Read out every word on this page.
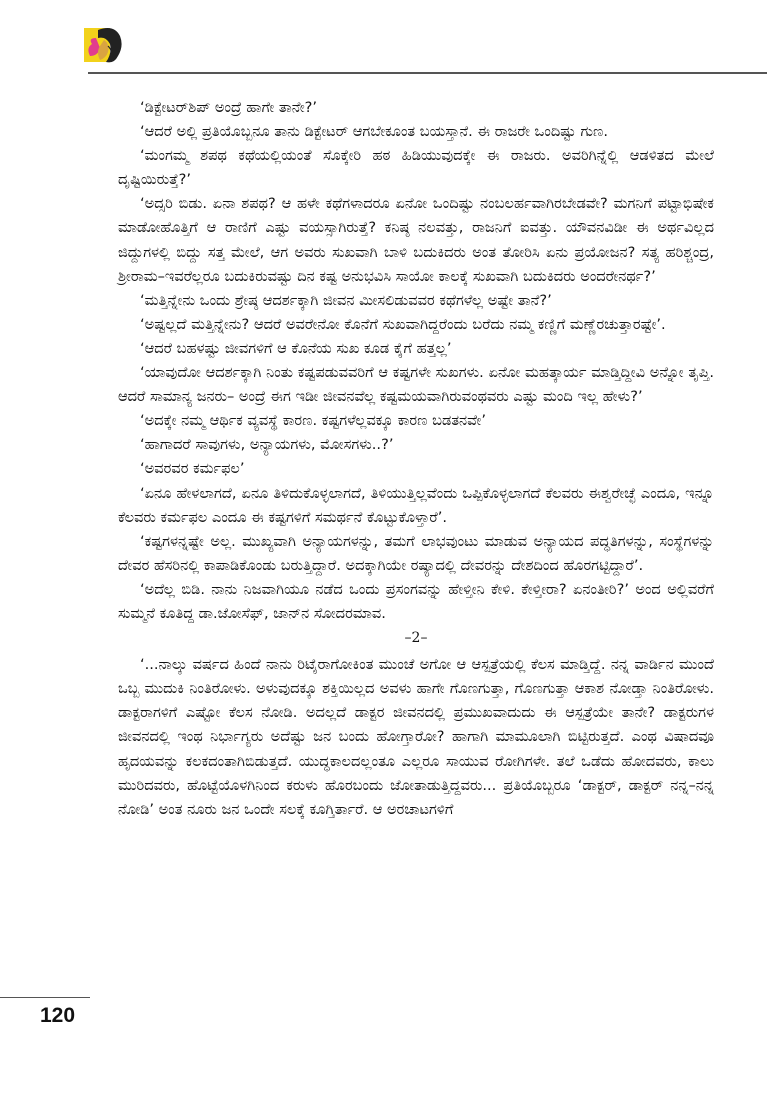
‘ಡಿಕ್ಟೇಟರ್‌ಶಿಪ್ ಅಂದ್ರೆ ಹಾಗೇ ತಾನೇ?’

‘ಆದರೆ ಅಲ್ಲಿ ಪ್ರತಿಯೊಬ್ಬನೂ ತಾನು ಡಿಕ್ಟೇಟರ್ ಆಗಬೇಕೂಂತ ಬಯಸ್ತಾನೆ. ಈ ರಾಜರೇ ಒಂದಿಷ್ಟು ಗುಣ.

‘ಮಂಗಮ್ಮ ಶಪಥ ಕಥೆಯಲ್ಲಿಯಂತೆ ಸೊಕ್ಕೇರಿ ಹಠ ಹಿಡಿಯುವುದಕ್ಕೇ ಈ ರಾಜರು. ಅವರಿಗಿನ್ನೆಲ್ಲಿ ಆಡಳಿತದ ಮೇಲೆ ದೃಷ್ಟಿಯಿರುತ್ತೆ?’

‘ಅದ್ಸರಿ ಬಿಡು. ಏನಾ ಶಪಥ? ಆ ಹಳೇ ಕಥೆಗಳಾದರೂ ಏನೋ ಒಂದಿಷ್ಟು ನಂಬಲರ್ಹವಾಗಿರಬೇಡವೇ? ಮಗನಿಗೆ ಪಟ್ಟಾಭಿಷೇಕ ಮಾಡೋಹೊತ್ತಿಗೆ ಆ ರಾಣಿಗೆ ಎಷ್ಟು ವಯಸ್ಸಾಗಿರುತ್ತೆ? ಕನಿಷ್ಠ ನಲವತ್ತು, ರಾಜನಿಗೆ ಐವತ್ತು. ಯೌವನವಿಡೀ ಈ ಅರ್ಥವಿಲ್ಲದ ಜಿದ್ದುಗಳಲ್ಲಿ ಬಿದ್ದು ಸತ್ತ ಮೇಲೆ, ಆಗ ಅವರು ಸುಖವಾಗಿ ಬಾಳಿ ಬದುಕಿದರು ಅಂತ ತೋರಿಸಿ ಏನು ಪ್ರಯೋಜನ? ಸತ್ಯ ಹರಿಶ್ಚಂದ್ರ, ಶ್ರೀರಾಮ–ಇವರೆಲ್ಲರೂ ಬದುಕಿರುವಷ್ಟು ದಿನ ಕಷ್ಟ ಅನುಭವಿಸಿ ಸಾಯೋ ಕಾಲಕ್ಕೆ ಸುಖವಾಗಿ ಬದುಕಿದರು ಅಂದರೇನರ್ಥ?’

‘ಮತ್ತಿನ್ನೇನು ಒಂದು ಶ್ರೇಷ್ಠ ಆದರ್ಶಕ್ಕಾಗಿ ಜೀವನ ಮೀಸಲಿಡುವವರ ಕಥೆಗಳೆಲ್ಲ ಅಷ್ಟೇ ತಾನೆ?’

‘ಅಷ್ಟಲ್ಲದೆ ಮತ್ತಿನ್ನೇನು? ಆದರೆ ಅವರೇನೋ ಕೊನೆಗೆ ಸುಖವಾಗಿದ್ದರೆಂದು ಬರೆದು ನಮ್ಮ ಕಣ್ಣಿಗೆ ಮಣ್ಣೆರಚುತ್ತಾರಷ್ಟೇ’.

‘ಆದರೆ ಬಹಳಷ್ಟು ಜೀವಗಳಿಗೆ ಆ ಕೊನೆಯ ಸುಖ ಕೂಡ ಕೈಗೆ ಹತ್ತಲ್ಲ’

‘ಯಾವುದೋ ಆದರ್ಶಕ್ಕಾಗಿ ನಿಂತು ಕಷ್ಟಪಡುವವರಿಗೆ ಆ ಕಷ್ಟಗಳೇ ಸುಖಗಳು. ಏನೋ ಮಹತ್ಕಾರ್ಯ ಮಾಡ್ತಿದ್ದೀವಿ ಅನ್ನೋ ತೃಪ್ತಿ. ಆದರೆ ಸಾಮಾನ್ಯ ಜನರು– ಅಂದ್ರೆ ಈಗ ಇಡೀ ಜೀವನವೆಲ್ಲ ಕಷ್ಟಮಯವಾಗಿರುವಂಥವರು ಎಷ್ಟು ಮಂದಿ ಇಲ್ಲ ಹೇಳು?’

‘ಅದಕ್ಕೇ ನಮ್ಮ ಆರ್ಥಿಕ ವ್ಯವಸ್ಥೆ ಕಾರಣ. ಕಷ್ಟಗಳೆಲ್ಲವಕ್ಕೂ ಕಾರಣ ಬಡತನವೇ’

‘ಹಾಗಾದರೆ ಸಾವುಗಳು, ಅನ್ಯಾಯಗಳು, ಮೋಸಗಳು..?’

‘ಅವರವರ ಕರ್ಮಫಲ’

‘ಏನೂ ಹೇಳಲಾಗದೆ, ಏನೂ ತಿಳಿದುಕೊಳ್ಳಲಾಗದೆ, ತಿಳಿಯುತ್ತಿಲ್ಲವೆಂದು ಒಪ್ಪಿಕೊಳ್ಳಲಾಗದೆ ಕೆಲವರು ಈಶ್ವರೇಚ್ಛೆ ಎಂದೂ, ಇನ್ನೂ ಕೆಲವರು ಕರ್ಮಫಲ ಎಂದೂ ಈ ಕಷ್ಟಗಳಿಗೆ ಸಮರ್ಥನೆ ಕೊಟ್ಟುಕೊಳ್ತಾರೆ’.

‘ಕಷ್ಟಗಳನ್ನಷ್ಟೇ ಅಲ್ಲ. ಮುಖ್ಯವಾಗಿ ಅನ್ಯಾಯಗಳನ್ನು, ತಮಗೆ ಲಾಭವುಂಟು ಮಾಡುವ ಅನ್ಯಾಯದ ಪದ್ಧತಿಗಳನ್ನು, ಸಂಸ್ಥೆಗಳನ್ನು ದೇವರ ಹೆಸರಿನಲ್ಲಿ ಕಾಪಾಡಿಕೊಂಡು ಬರುತ್ತಿದ್ದಾರೆ. ಅದಕ್ಕಾಗಿಯೇ ರಷ್ಯಾದಲ್ಲಿ ದೇವರನ್ನು ದೇಶದಿಂದ ಹೊರಗಟ್ಟಿದ್ದಾರೆ’.

‘ಅದೆಲ್ಲ ಬಿಡಿ. ನಾನು ನಿಜವಾಗಿಯೂ ನಡೆದ ಒಂದು ಪ್ರಸಂಗವನ್ನು ಹೇಳ್ತೀನಿ ಕೇಳಿ. ಕೇಳ್ತೀರಾ? ಏನಂತೀರಿ?’ ಅಂದ ಅಲ್ಲಿವರೆಗೆ ಸುಮ್ಮನೆ ಕೂತಿದ್ದ ಡಾ.ಜೋಸೆಫ್, ಜಾನ್‌ನ ಸೋದರಮಾವ.

–2–

‘...ನಾಲ್ಕು ವರ್ಷದ ಹಿಂದೆ ನಾನು ರಿಟೈರಾಗೋಕಿಂತ ಮುಂಚೆ ಅಗೋ ಆ ಆಸ್ಪತ್ರೆಯಲ್ಲಿ ಕೆಲಸ ಮಾಡ್ತಿದ್ದೆ. ನನ್ನ ವಾರ್ಡಿನ ಮುಂದೆ ಒಬ್ಬ ಮುದುಕಿ ನಿಂತಿರೋಳು. ಅಳುವುದಕ್ಕೂ ಶಕ್ತಿಯಿಲ್ಲದ ಅವಳು ಹಾಗೇ ಗೊಣಗುತ್ತಾ, ಗೊಣಗುತ್ತಾ ಆಕಾಶ ನೋಡ್ತಾ ನಿಂತಿರೋಳು. ಡಾಕ್ಟರಾಗಳಿಗೆ ಎಷ್ಟೋ ಕೆಲಸ ನೋಡಿ. ಅದಲ್ಲದೆ ಡಾಕ್ಟರ ಜೀವನದಲ್ಲಿ ಪ್ರಮುಖವಾದುದು ಈ ಆಸ್ಪತ್ರೆಯೇ ತಾನೇ? ಡಾಕ್ಟರುಗಳ ಜೀವನದಲ್ಲಿ ಇಂಥ ನಿರ್ಭಾಗ್ಯರು ಅದೆಷ್ಟು ಜನ ಬಂದು ಹೋಗ್ತಾರೋ? ಹಾಗಾಗಿ ಮಾಮೂಲಾಗಿ ಬಿಟ್ಟಿರುತ್ತದೆ. ಎಂಥ ವಿಷಾದವೂ ಹೃದಯವನ್ನು ಕಲಕದಂತಾಗಿಬಿಡುತ್ತದೆ. ಯುದ್ಧಕಾಲದಲ್ಲಂತೂ ಎಲ್ಲರೂ ಸಾಯುವ ರೋಗಿಗಳೇ. ತಲೆ ಒಡೆದು ಹೋದವರು, ಕಾಲು ಮುರಿದವರು, ಹೊಟ್ಟೆಯೊಳಗಿನಿಂದ ಕರುಳು ಹೊರಬಂದು ಜೋತಾಡುತ್ತಿದ್ದವರು... ಪ್ರತಿಯೊಬ್ಬರೂ ‘ಡಾಕ್ಟರ್, ಡಾಕ್ಟರ್ ನನ್ನ–ನನ್ನ ನೋಡಿ’ ಅಂತ ನೂರು ಜನ ಒಂದೇ ಸಲಕ್ಕೆ ಕೂಗ್ತಿರ್ತಾರೆ. ಆ ಅರಚಾಟಗಳಿಗೆ

120
